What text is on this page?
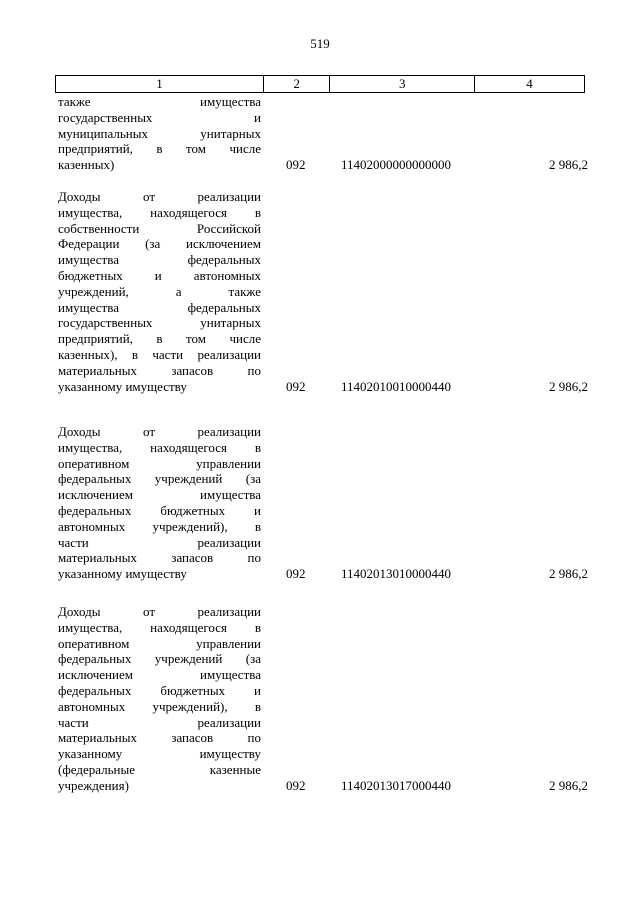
519
1	2	3	4
также имущества
государственных и
муниципальных унитарных
предприятий, в том числе
казенных)	092	11402000000000000	2 986,2
Доходы от реализации
имущества, находящегося в
собственности Российской
Федерации (за исключением
имущества федеральных
бюджетных и автономных
учреждений, а также
имущества федеральных
государственных унитарных
предприятий, в том числе
казенных), в части реализации
материальных запасов по
указанному имуществу	092	11402010010000440	2 986,2
Доходы от реализации
имущества, находящегося в
оперативном управлении
федеральных учреждений (за
исключением имущества
федеральных бюджетных и
автономных учреждений), в
части реализации
материальных запасов по
указанному имуществу	092	11402013010000440	2 986,2
Доходы от реализации
имущества, находящегося в
оперативном управлении
федеральных учреждений (за
исключением имущества
федеральных бюджетных и
автономных учреждений), в
части реализации
материальных запасов по
указанному имуществу
(федеральные казенные
учреждения)	092	11402013017000440	2 986,2
